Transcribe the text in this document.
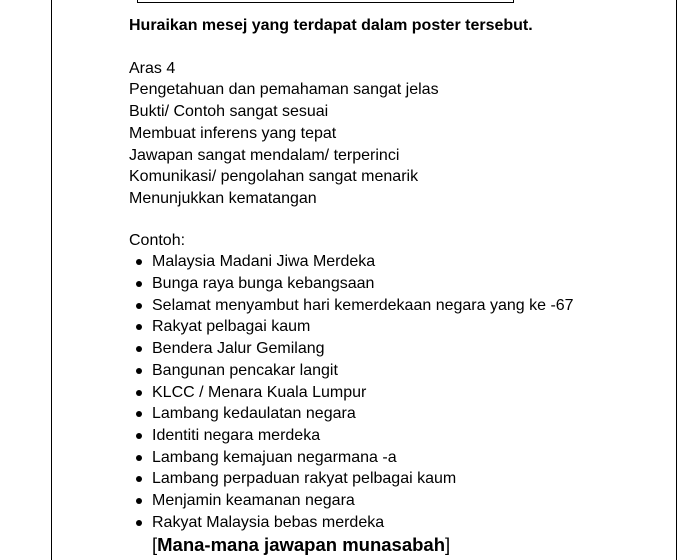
Huraikan mesej yang terdapat dalam poster tersebut.

Aras 4
Pengetahuan dan pemahaman sangat jelas
Bukti/ Contoh sangat sesuai
Membuat inferens yang tepat
Jawapan sangat mendalam/ terperinci
Komunikasi/ pengolahan sangat menarik
Menunjukkan kematangan
Contoh:
Malaysia Madani Jiwa Merdeka
Bunga raya bunga kebangsaan
Selamat menyambut hari kemerdekaan negara yang ke -67
Rakyat pelbagai kaum
Bendera Jalur Gemilang
Bangunan pencakar langit
KLCC / Menara Kuala Lumpur
Lambang kedaulatan negara
Identiti negara merdeka
Lambang kemajuan negarmana -a
Lambang perpaduan rakyat pelbagai kaum
Menjamin keamanan negara
Rakyat Malaysia bebas merdeka
[Mana-mana jawapan munasabah]
